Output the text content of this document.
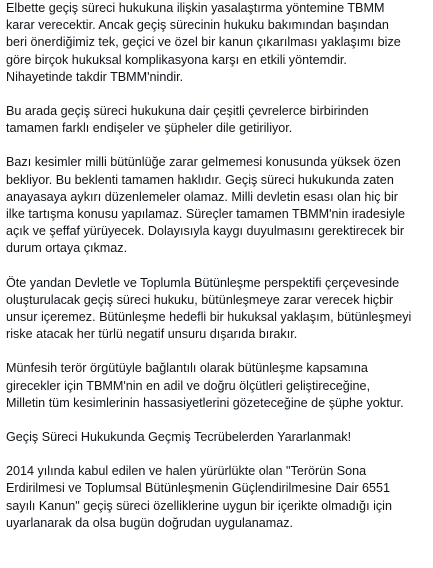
Elbette geçiş süreci hukukuna ilişkin yasalaştırma yöntemine TBMM
karar verecektir. Ancak geçiş sürecinin hukuku bakımından başından
beri önerdiğimiz tek, geçici ve özel bir kanun çıkarılması yaklaşımı bize
göre birçok hukuksal komplikasyona karşı en etkili yöntemdir.
Nihayetinde takdir TBMM'nindir.

Bu arada geçiş süreci hukukuna dair çeşitli çevrelerce birbirinden
tamamen farklı endişeler ve şüpheler dile getiriliyor.

Bazı kesimler milli bütünlüğe zarar gelmemesi konusunda yüksek özen
bekliyor. Bu beklenti tamamen haklıdır. Geçiş süreci hukukunda zaten
anayasaya aykırı düzenlemeler olamaz. Milli devletin esası olan hiç bir
ilke tartışma konusu yapılamaz. Süreçler tamamen TBMM'nin iradesiyle
açık ve şeffaf yürüyecek. Dolayısıyla kaygı duyulmasını gerektirecek bir
durum ortaya çıkmaz.

Öte yandan Devletle ve Toplumla Bütünleşme perspektifi çerçevesinde
oluşturulacak geçiş süreci hukuku, bütünleşmeye zarar verecek hiçbir
unsur içeremez. Bütünleşme hedefli bir hukuksal yaklaşım, bütünleşmeyi
riske atacak her türlü negatif unsuru dışarıda bırakır.

Münfesih terör örgütüyle bağlantılı olarak bütünleşme kapsamına
girecekler için TBMM'nin en adil ve doğru ölçütleri geliştireceğine,
Milletin tüm kesimlerinin hassasiyetlerini gözeteceğine de şüphe yoktur.

Geçiş Süreci Hukukunda Geçmiş Tecrübelerden Yararlanmak!

2014 yılında kabul edilen ve halen yürürlükte olan "Terörün Sona
Erdirilmesi ve Toplumsal Bütünleşmenin Güçlendirilmesine Dair 6551
sayılı Kanun" geçiş süreci özelliklerine uygun bir içerikte olmadığı için
uyarlanarak da olsa bugün doğrudan uygulanamaz.
